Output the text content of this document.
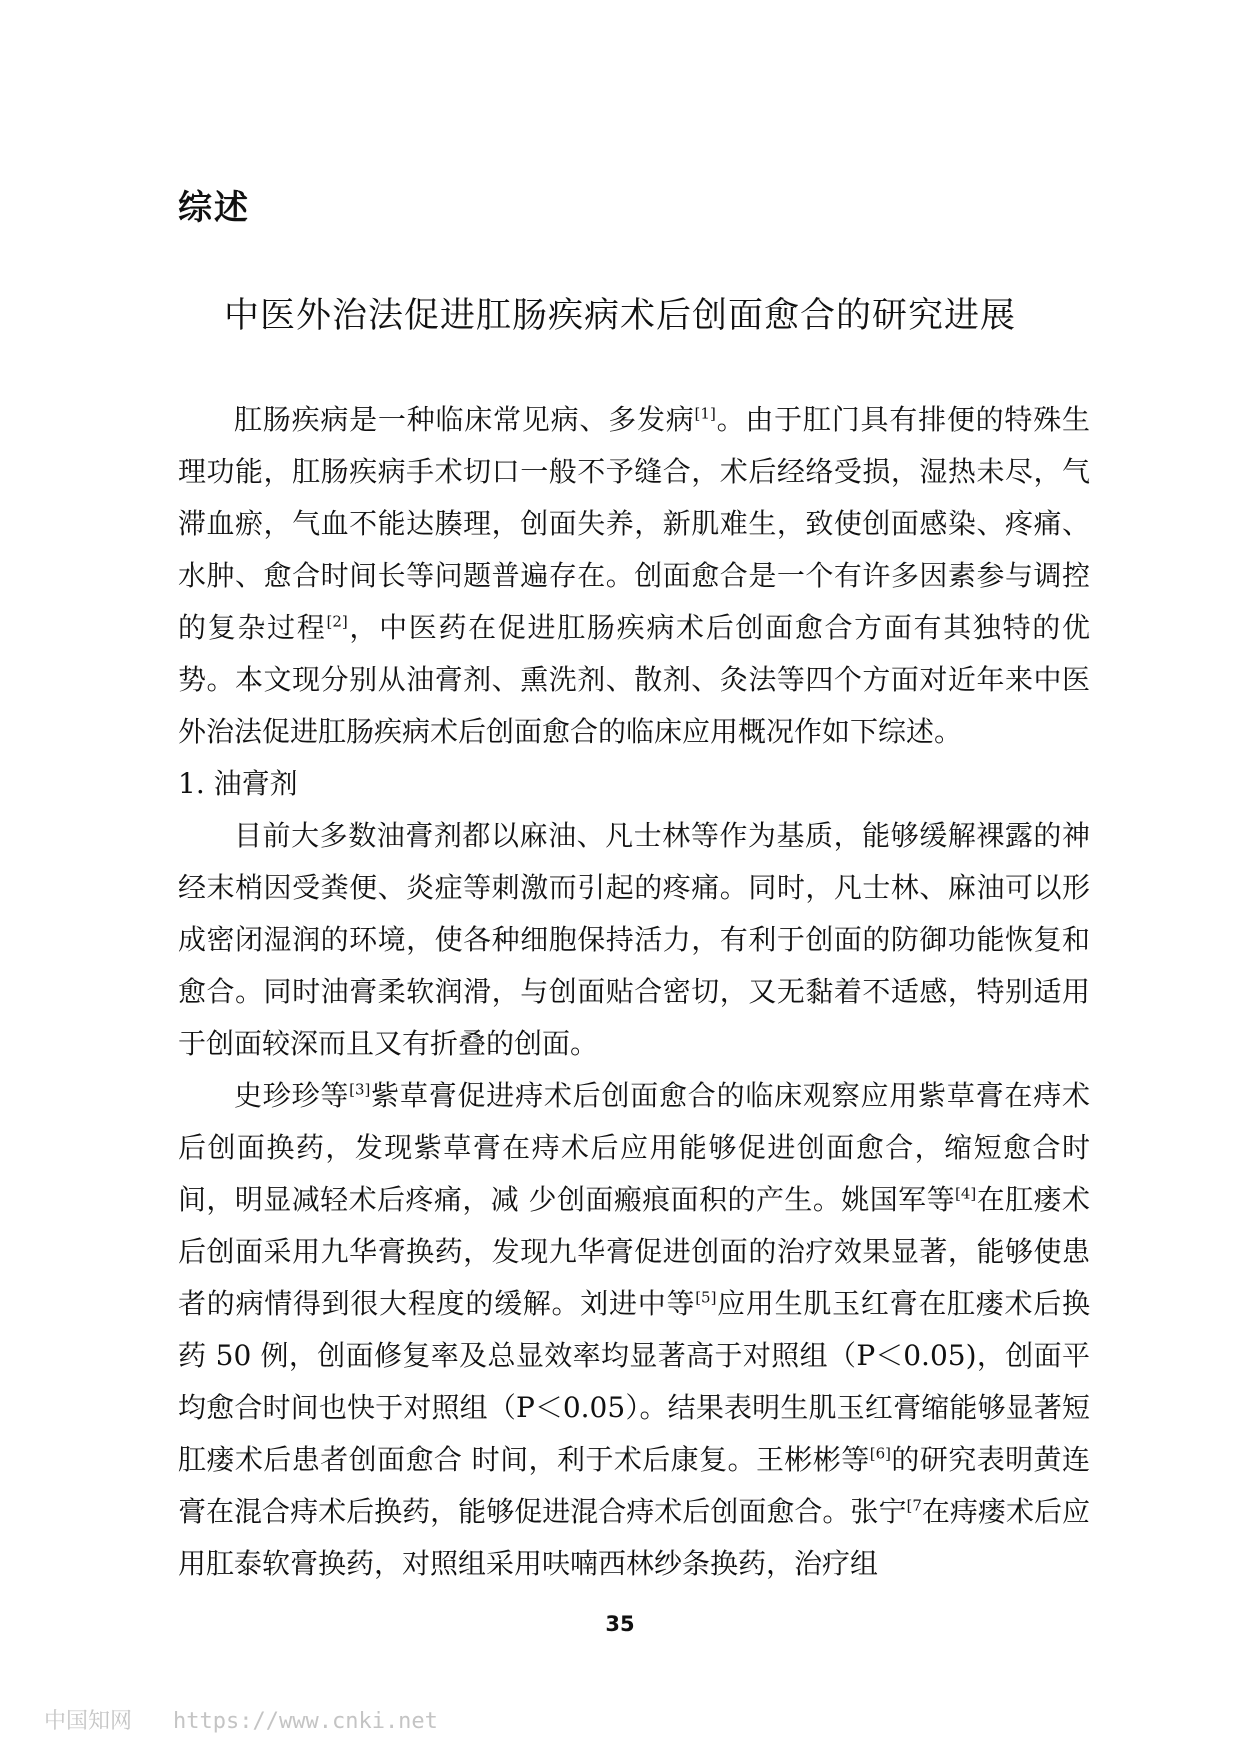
综述
中医外治法促进肛肠疾病术后创面愈合的研究进展

肛肠疾病是一种临床常见病、多发病[1]。由于肛门具有排便的特殊生理功能，肛肠疾病手术切口一般不予缝合，术后经络受损，湿热未尽，气滞血瘀，气血不能达腠理，创面失养，新肌难生，致使创面感染、疼痛、水肿、愈合时间长等问题普遍存在。创面愈合是一个有许多因素参与调控的复杂过程[2]，中医药在促进肛肠疾病术后创面愈合方面有其独特的优势。本文现分别从油膏剂、熏洗剂、散剂、灸法等四个方面对近年来中医外治法促进肛肠疾病术后创面愈合的临床应用概况作如下综述。

1. 油膏剂

目前大多数油膏剂都以麻油、凡士林等作为基质，能够缓解裸露的神经末梢因受粪便、炎症等刺激而引起的疼痛。同时，凡士林、麻油可以形成密闭湿润的环境，使各种细胞保持活力，有利于创面的防御功能恢复和愈合。同时油膏柔软润滑，与创面贴合密切，又无黏着不适感，特别适用于创面较深而且又有折叠的创面。

史珍珍等[3]紫草膏促进痔术后创面愈合的临床观察应用紫草膏在痔术后创面换药，发现紫草膏在痔术后应用能够促进创面愈合，缩短愈合时间，明显减轻术后疼痛，减 少创面瘢痕面积的产生。姚国军等[4]在肛瘘术后创面采用九华膏换药，发现九华膏促进创面的治疗效果显著，能够使患者的病情得到很大程度的缓解。刘进中等[5]应用生肌玉红膏在肛瘘术后换药 50 例，创面修复率及总显效率均显著高于对照组（P＜0.05)，创面平均愈合时间也快于对照组（P＜0.05）。结果表明生肌玉红膏缩能够显著短肛瘘术后患者创面愈合 时间，利于术后康复。王彬彬等[6]的研究表明黄连膏在混合痔术后换药，能够促进混合痔术后创面愈合。张宁$^{[7}$在痔瘘术后应用肛泰软膏换药，对照组采用呋喃西林纱条换药，治疗组

35
中国知网 https://www.cnki.net
